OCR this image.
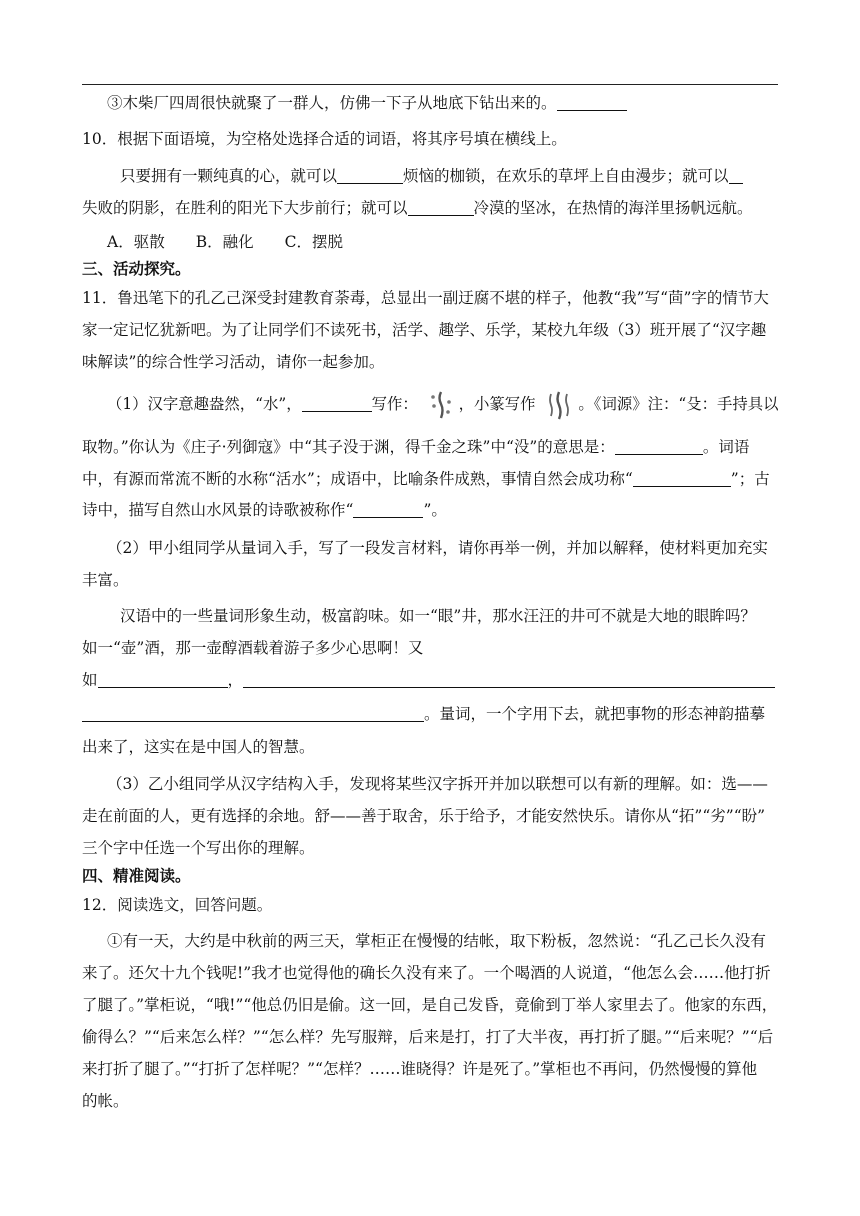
③木柴厂四周很快就聚了一群人，仿佛一下子从地底下钻出来的。
10．根据下面语境，为空格处选择合适的词语，将其序号填在横线上。
只要拥有一颗纯真的心，就可以	烦恼的枷锁，在欢乐的草坪上自由漫步；就可以
失败的阴影，在胜利的阳光下大步前行；就可以	冷漠的坚冰，在热情的海洋里扬帆远航。
A．驱散　　B．融化　　C．摆脱
三、活动探究。
11．鲁迅笔下的孔乙己深受封建教育荼毒，总显出一副迂腐不堪的样子，他教“我”写“茴”字的情节大
家一定记忆犹新吧。为了让同学们不读死书，活学、趣学、乐学，某校九年级（3）班开展了“汉字趣
味解读”的综合性学习活动，请你一起参加。
（1）汉字意趣盎然，“水”，	写作：	，小篆写作	。《词源》注：“殳：手持具以
取物。”你认为《庄子·列御寇》中“其子没于渊，得千金之珠”中“没”的意思是：	。词语
中，有源而常流不断的水称“活水”；成语中，比喻条件成熟，事情自然会成功称“	”；古
诗中，描写自然山水风景的诗歌被称作“	”。
（2）甲小组同学从量词入手，写了一段发言材料，请你再举一例，并加以解释，使材料更加充实
丰富。
汉语中的一些量词形象生动，极富韵味。如一“眼”井，那水汪汪的井可不就是大地的眼眸吗？
如一“壶”酒，那一壶醇酒载着游子多少心思啊！又
如	，
。量词，一个字用下去，就把事物的形态神韵描摹
出来了，这实在是中国人的智慧。
（3）乙小组同学从汉字结构入手，发现将某些汉字拆开并加以联想可以有新的理解。如：选——
走在前面的人，更有选择的余地。舒——善于取舍，乐于给予，才能安然快乐。请你从“拓”“劣”“盼”
三个字中任选一个写出你的理解。
四、精准阅读。
12．阅读选文，回答问题。
①有一天，大约是中秋前的两三天，掌柜正在慢慢的结帐，取下粉板，忽然说：“孔乙己长久没有
来了。还欠十九个钱呢!”我才也觉得他的确长久没有来了。一个喝酒的人说道，“他怎么会……他打折
了腿了。”掌柜说，“哦!”“他总仍旧是偷。这一回，是自己发昏，竟偷到丁举人家里去了。他家的东西，
偷得么？”“后来怎么样？”“怎么样？先写服辩，后来是打，打了大半夜，再打折了腿。”“后来呢？”“后
来打折了腿了。”“打折了怎样呢？”“怎样？……谁晓得？许是死了。”掌柜也不再问，仍然慢慢的算他
的帐。
